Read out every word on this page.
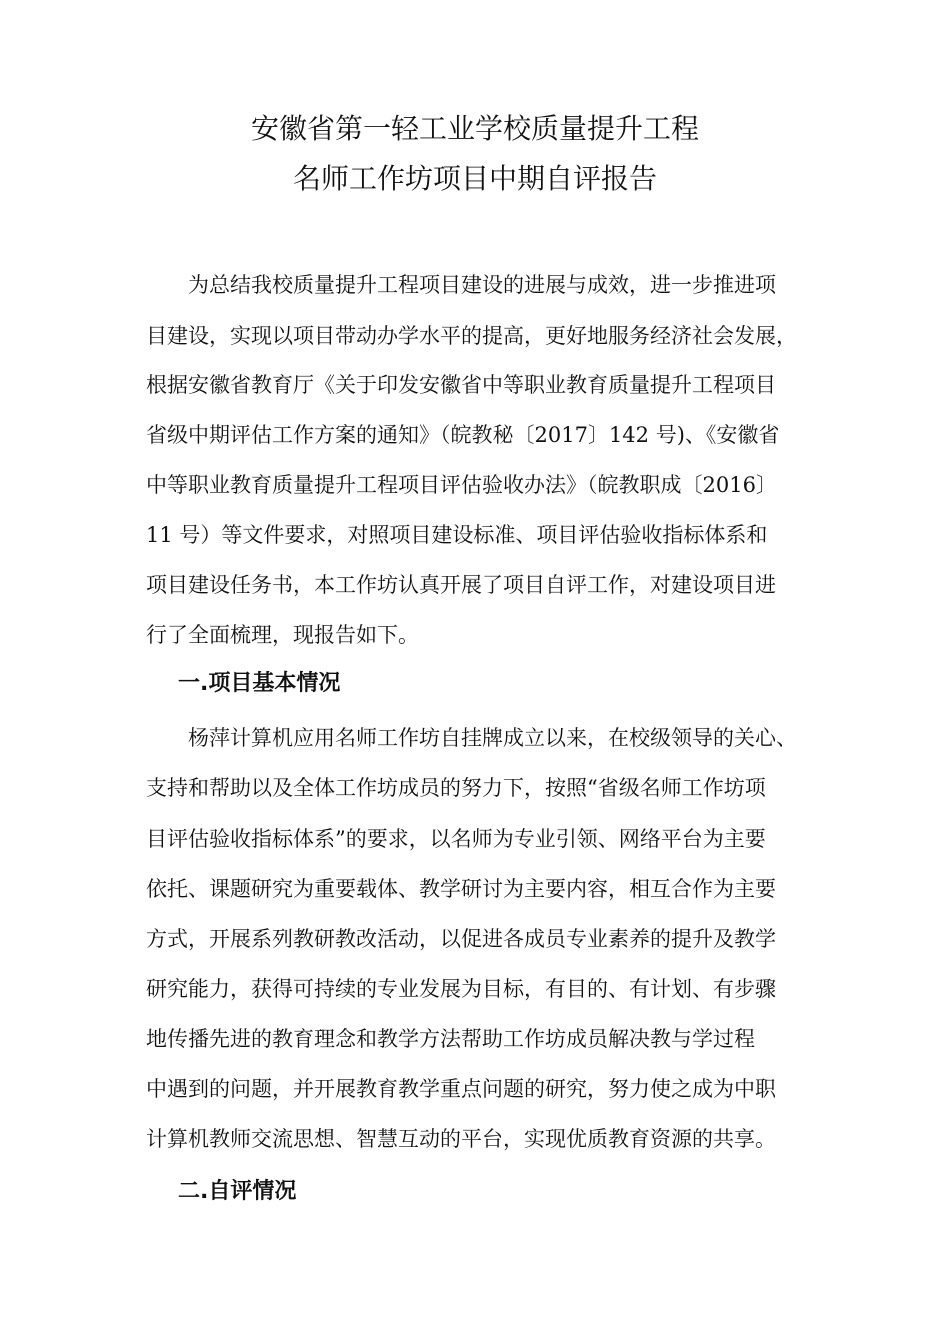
安徽省第一轻工业学校质量提升工程
名师工作坊项目中期自评报告
为总结我校质量提升工程项目建设的进展与成效，进一步推进项
目建设，实现以项目带动办学水平的提高，更好地服务经济社会发展，
根据安徽省教育厅《关于印发安徽省中等职业教育质量提升工程项目
省级中期评估工作方案的通知》（皖教秘〔2017〕142 号)、《安徽省
中等职业教育质量提升工程项目评估验收办法》（皖教职成〔2016〕
11 号）等文件要求，对照项目建设标准、项目评估验收指标体系和
项目建设任务书，本工作坊认真开展了项目自评工作，对建设项目进
行了全面梳理，现报告如下。
一.项目基本情况
杨萍计算机应用名师工作坊自挂牌成立以来，在校级领导的关心、
支持和帮助以及全体工作坊成员的努力下，按照“省级名师工作坊项
目评估验收指标体系”的要求，以名师为专业引领、网络平台为主要
依托、课题研究为重要载体、教学研讨为主要内容，相互合作为主要
方式，开展系列教研教改活动，以促进各成员专业素养的提升及教学
研究能力，获得可持续的专业发展为目标，有目的、有计划、有步骤
地传播先进的教育理念和教学方法帮助工作坊成员解决教与学过程
中遇到的问题，并开展教育教学重点问题的研究，努力使之成为中职
计算机教师交流思想、智慧互动的平台，实现优质教育资源的共享。
二.自评情况
